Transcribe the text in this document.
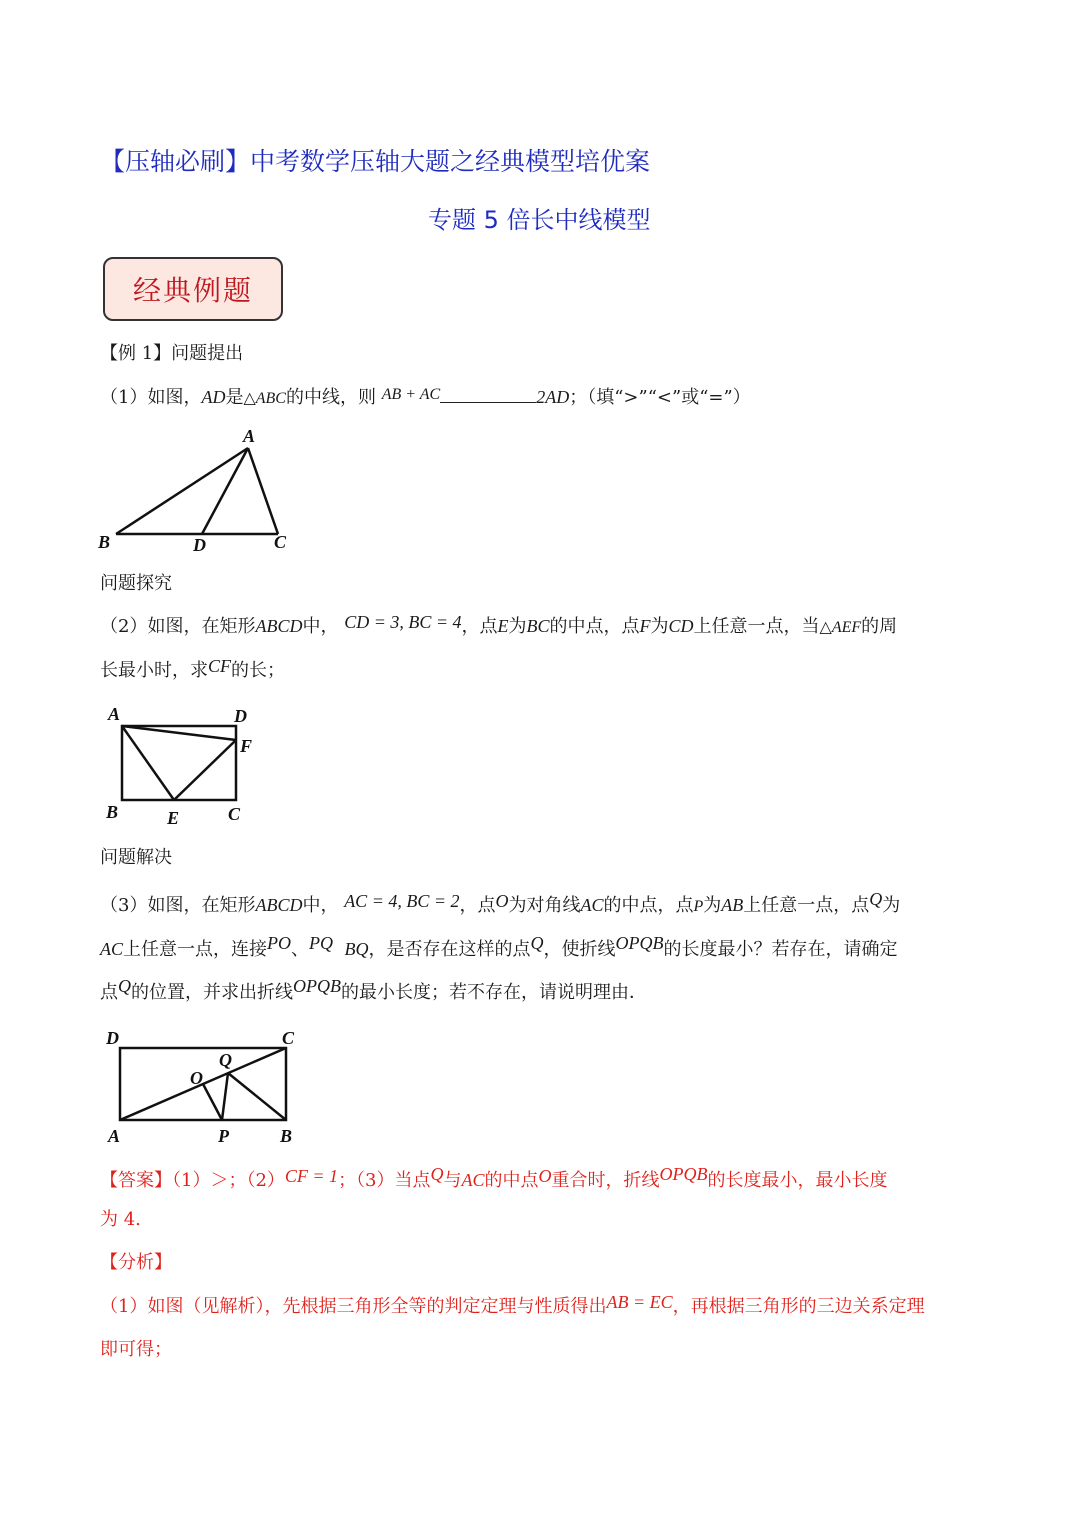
【压轴必刷】中考数学压轴大题之经典模型培优案
专题 5 倍长中线模型
经典例题
【例 1】问题提出
（1）如图，AD是△ABC的中线，则 AB + AC	2AD；（填“>”“<”或“=”）
A
B	D	C
问题探究
（2）如图，在矩形ABCD中， CD = 3, BC = 4，点E为BC的中点，点F为CD上任意一点，当△AEF的周
长最小时，求CF的长；
A	D
F
B	E	C
问题解决
（3）如图，在矩形ABCD中， AC = 4, BC = 2，点O为对角线AC的中点，点P为AB上任意一点，点Q为
AC上任意一点，连接PO、PQ BQ，是否存在这样的点Q，使折线OPQB的长度最小？若存在，请确定
点Q的位置，并求出折线OPQB的最小长度；若不存在，请说明理由．
D	C
Q
O
A	P	B
【答案】（1）＞；（2）CF = 1；（3）当点Q与AC的中点O重合时，折线OPQB的长度最小，最小长度
为 4.
【分析】
（1）如图（见解析），先根据三角形全等的判定定理与性质得出AB = EC，再根据三角形的三边关系定理
即可得；
